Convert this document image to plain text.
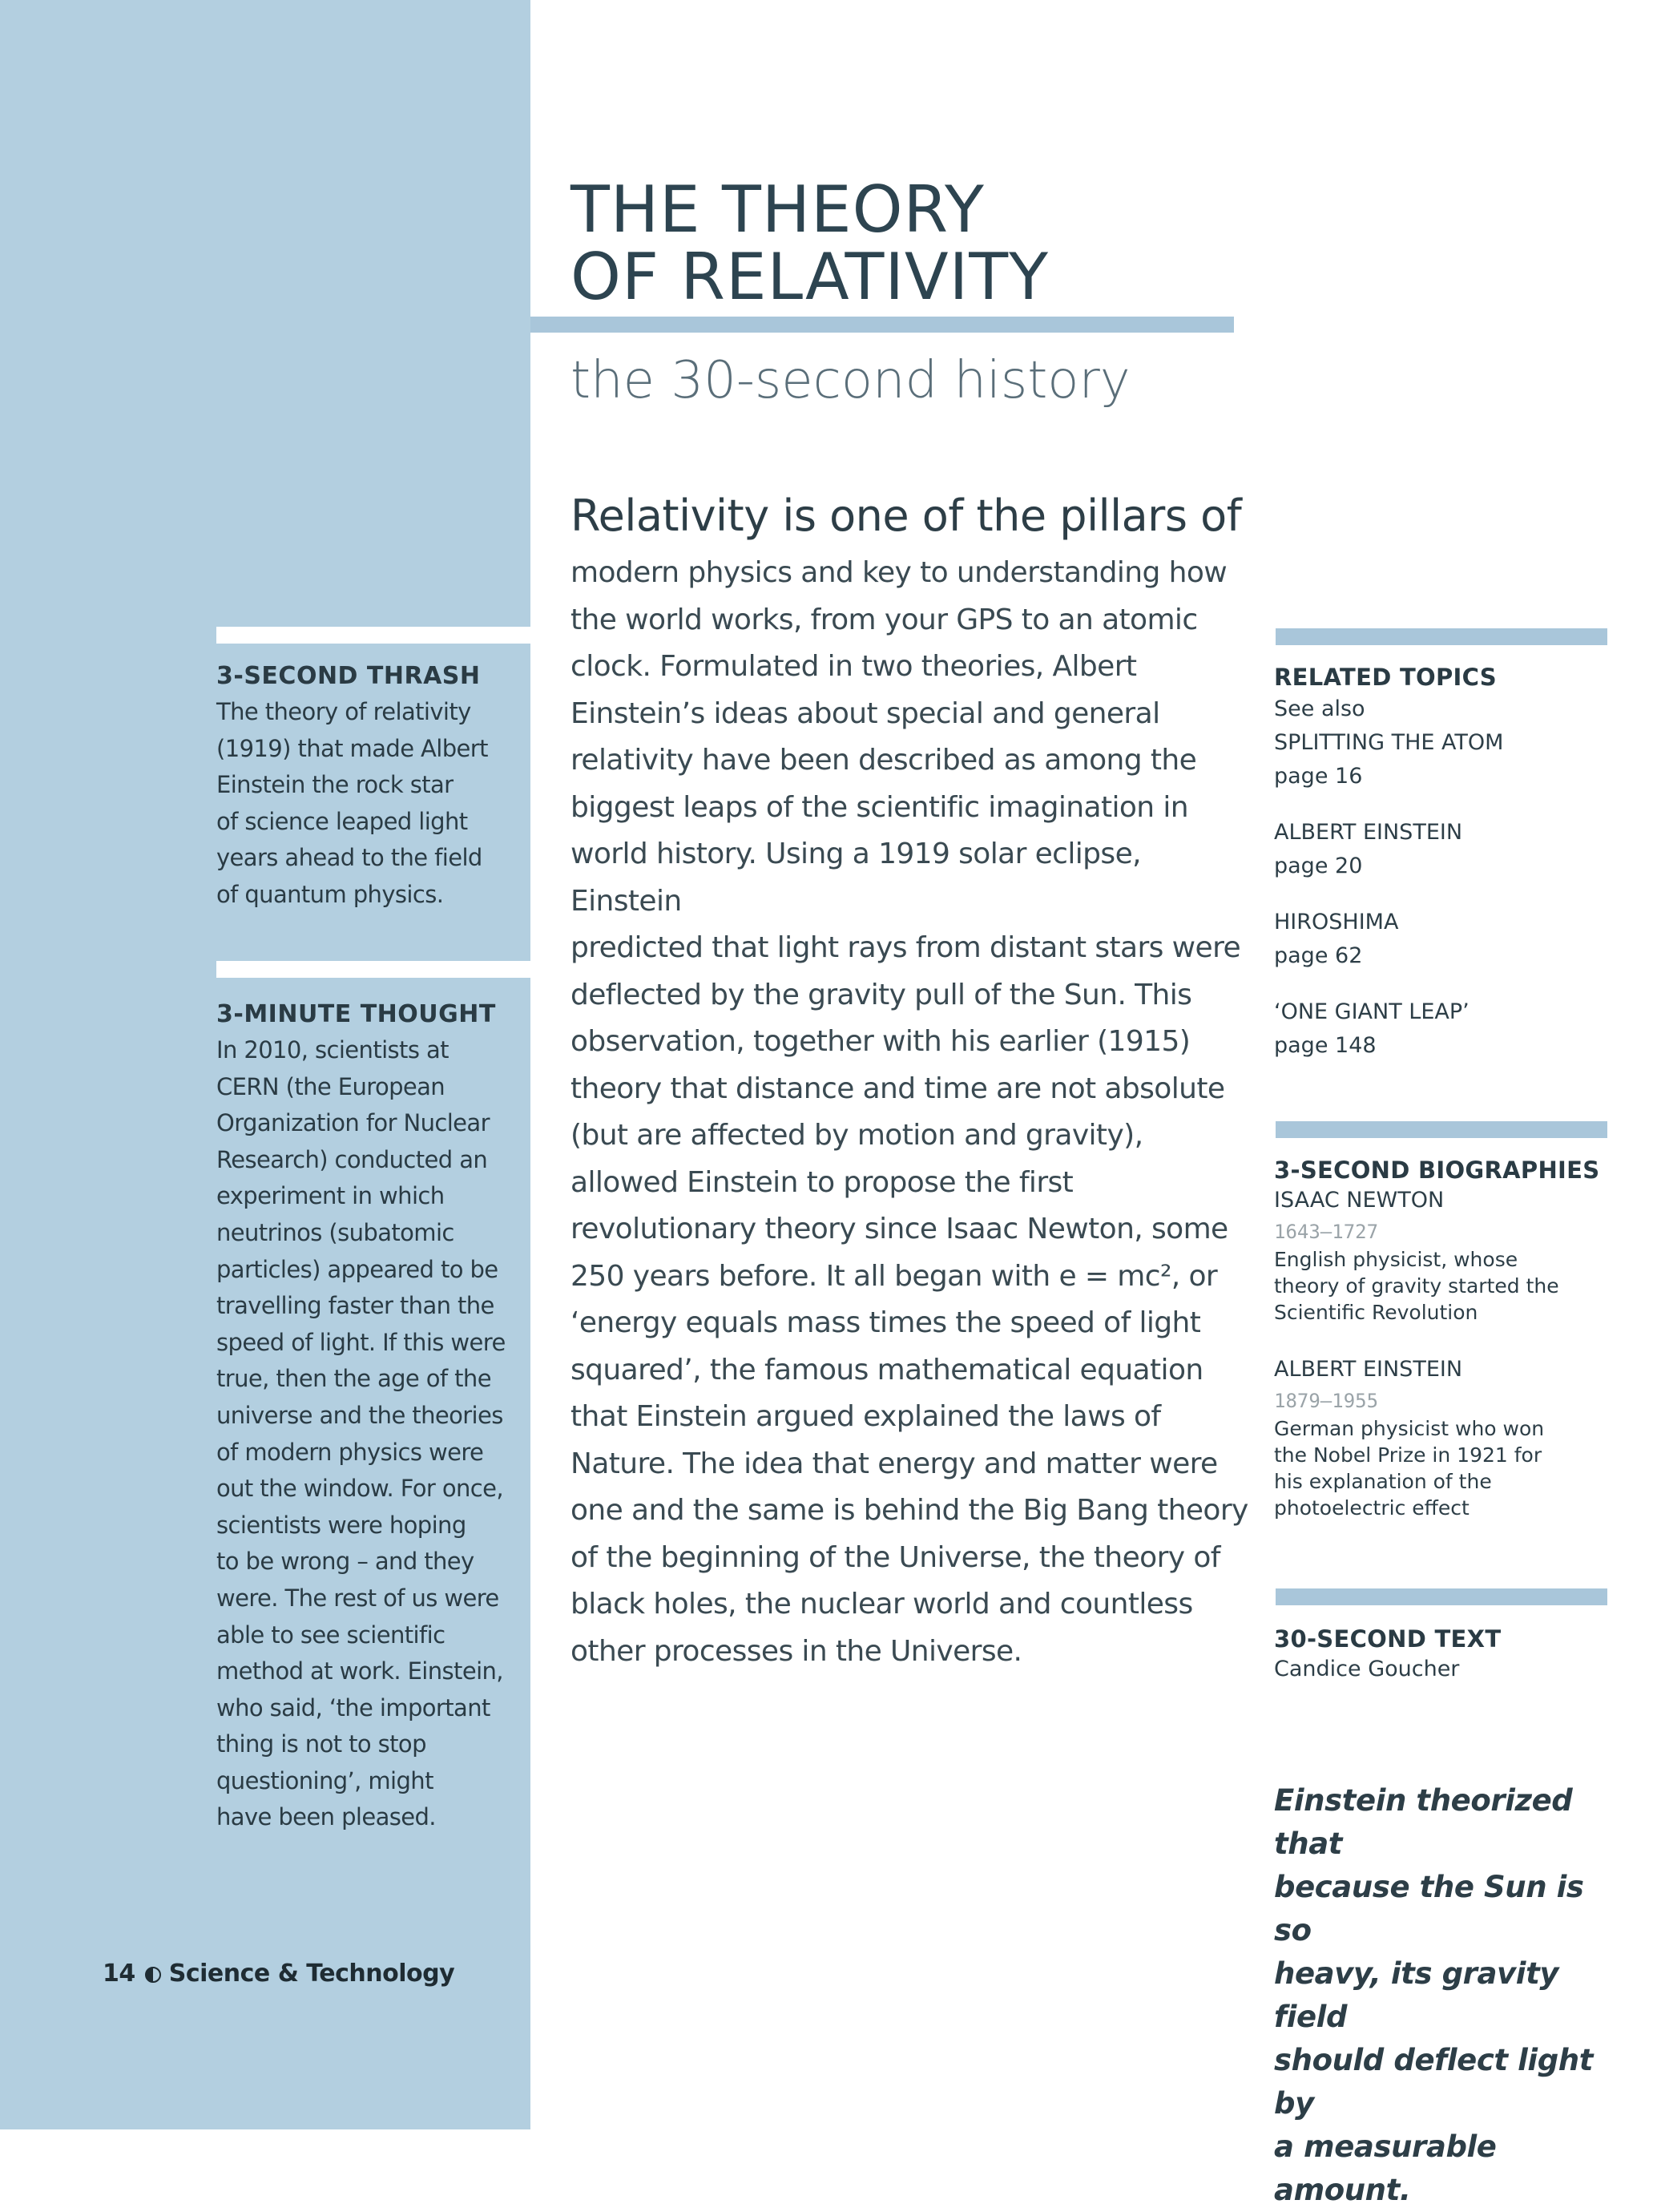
3-SECOND THRASH

The theory of relativity
(1919) that made Albert
Einstein the rock star
of science leaped light
years ahead to the field
of quantum physics.

3-MINUTE THOUGHT

In 2010, scientists at
CERN (the European
Organization for Nuclear
Research) conducted an
experiment in which
neutrinos (subatomic
particles) appeared to be
travelling faster than the
speed of light. If this were
true, then the age of the
universe and the theories
of modern physics were
out the window. For once,
scientists were hoping
to be wrong – and they
were. The rest of us were
able to see scientific
method at work. Einstein,
who said, ‘the important
thing is not to stop
questioning’, might
have been pleased.
THE THEORY
OF RELATIVITY

the 30-second history

Relativity is one of the pillars of

modern physics and key to understanding how
the world works, from your GPS to an atomic
clock. Formulated in two theories, Albert
Einstein’s ideas about special and general
relativity have been described as among the
biggest leaps of the scientific imagination in
world history. Using a 1919 solar eclipse, Einstein
predicted that light rays from distant stars were
deflected by the gravity pull of the Sun. This
observation, together with his earlier (1915)
theory that distance and time are not absolute
(but are affected by motion and gravity),
allowed Einstein to propose the first
revolutionary theory since Isaac Newton, some
250 years before. It all began with e = mc², or
‘energy equals mass times the speed of light
squared’, the famous mathematical equation
that Einstein argued explained the laws of
Nature. The idea that energy and matter were
one and the same is behind the Big Bang theory
of the beginning of the Universe, the theory of
black holes, the nuclear world and countless
other processes in the Universe.

RELATED TOPICS

See also

SPLITTING THE ATOM

page 16

ALBERT EINSTEIN

page 20

HIROSHIMA

page 62

‘ONE GIANT LEAP’

page 148

3-SECOND BIOGRAPHIES

ISAAC NEWTON

1643–1727

English physicist, whose

theory of gravity started the

Scientific Revolution

ALBERT EINSTEIN

1879–1955

German physicist who won

the Nobel Prize in 1921 for

his explanation of the

photoelectric effect

30-SECOND TEXT

Candice Goucher

Einstein theorized that
because the Sun is so
heavy, its gravity field
should deflect light by
a measurable amount.

14 Science & Technology
